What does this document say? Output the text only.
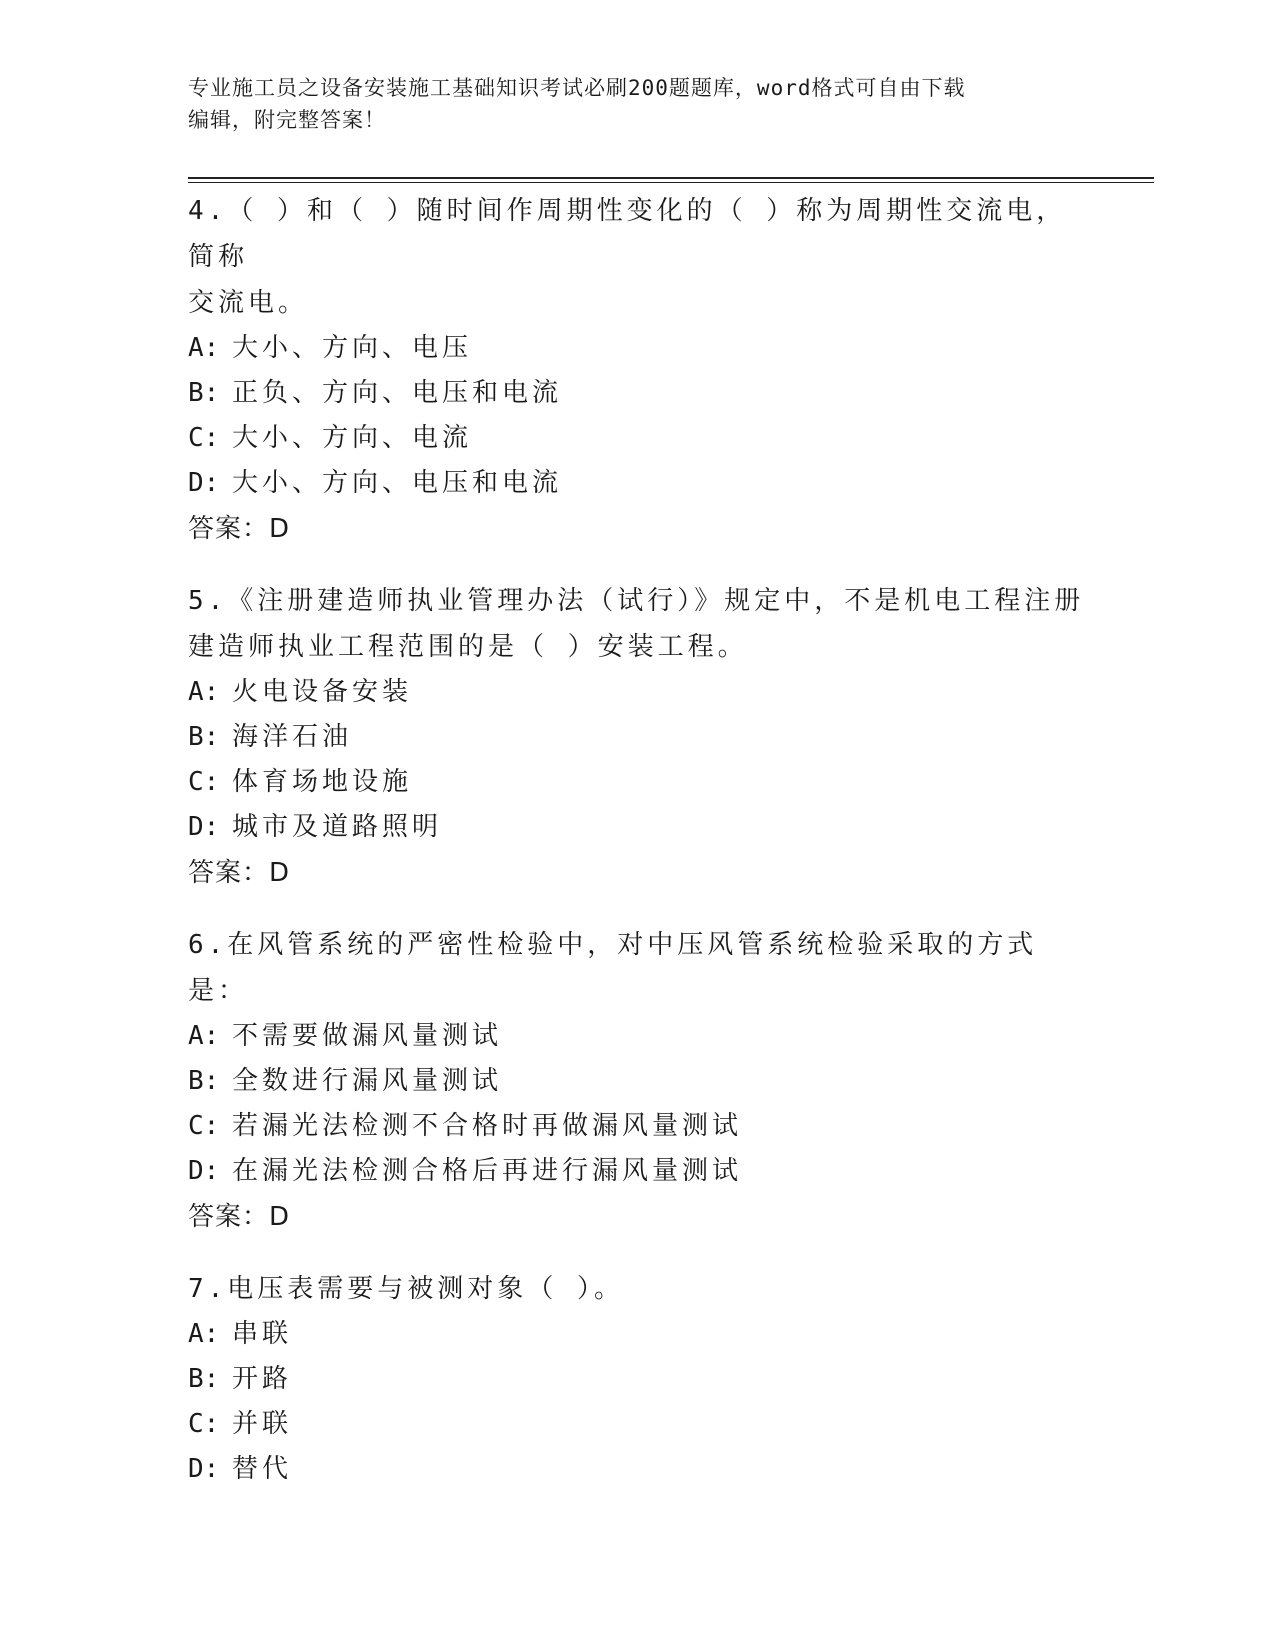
专业施工员之设备安装施工基础知识考试必刷200题题库，word格式可自由下载
编辑，附完整答案！
4.（ ）和（ ）随时间作周期性变化的（ ）称为周期性交流电，简称
交流电。
A: 大小、方向、电压
B: 正负、方向、电压和电流
C: 大小、方向、电流
D: 大小、方向、电压和电流
答案：D
5.《注册建造师执业管理办法（试行）》规定中，不是机电工程注册
建造师执业工程范围的是（ ）安装工程。
A: 火电设备安装
B: 海洋石油
C: 体育场地设施
D: 城市及道路照明
答案：D
6.在风管系统的严密性检验中，对中压风管系统检验采取的方式是：
A: 不需要做漏风量测试
B: 全数进行漏风量测试
C: 若漏光法检测不合格时再做漏风量测试
D: 在漏光法检测合格后再进行漏风量测试
答案：D
7.电压表需要与被测对象（ ）。
A: 串联
B: 开路
C: 并联
D: 替代
